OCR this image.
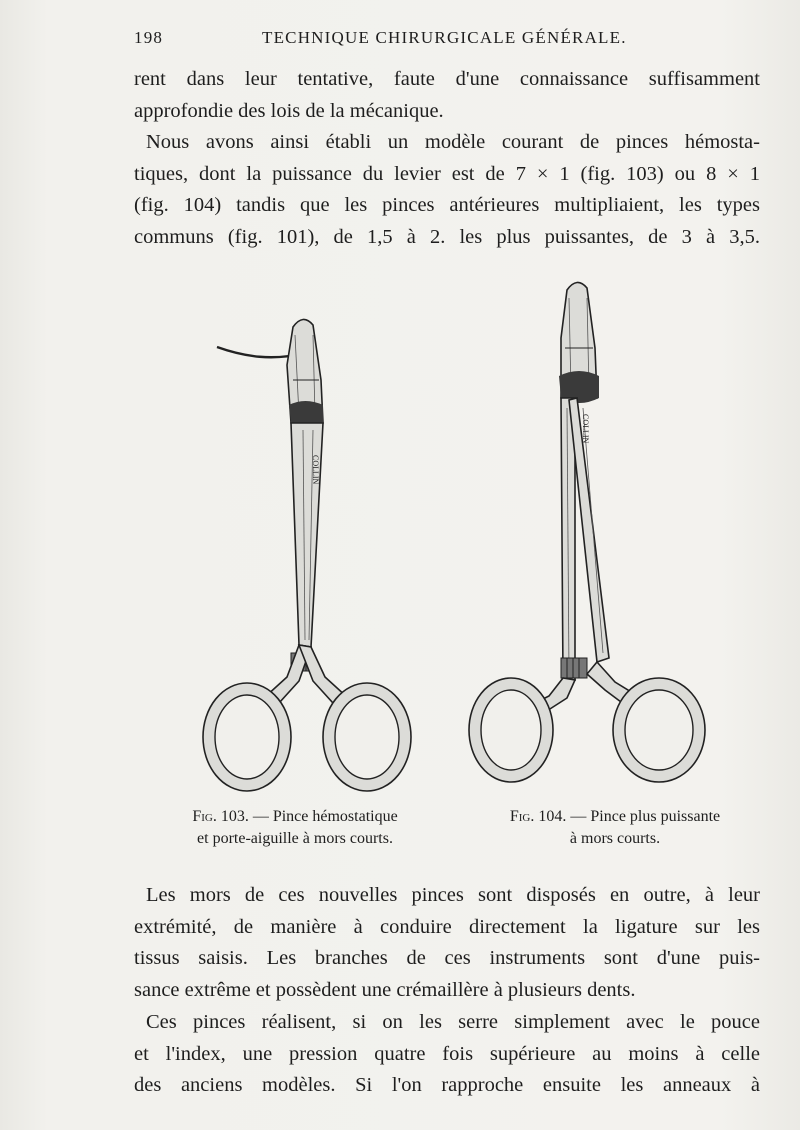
198	TECHNIQUE CHIRURGICALE GÉNÉRALE.
rent dans leur tentative, faute d'une connaissance suffisamment
approfondie des lois de la mécanique.
Nous avons ainsi établi un modèle courant de pinces hémosta-
tiques, dont la puissance du levier est de 7 × 1 (fig. 103) ou 8 × 1
(fig. 104) tandis que les pinces antérieures multipliaient, les types
communs (fig. 101), de 1,5 à 2. les plus puissantes, de 3 à 3,5.
COLLIN
COLLIN
Fig. 103. — Pince hémostatique
et porte-aiguille à mors courts.
Fig. 104. — Pince plus puissante
à mors courts.
Les mors de ces nouvelles pinces sont disposés en outre, à leur
extrémité, de manière à conduire directement la ligature sur les
tissus saisis. Les branches de ces instruments sont d'une puis-
sance extrême et possèdent une crémaillère à plusieurs dents.
Ces pinces réalisent, si on les serre simplement avec le pouce
et l'index, une pression quatre fois supérieure au moins à celle
des anciens modèles. Si l'on rapproche ensuite les anneaux à
